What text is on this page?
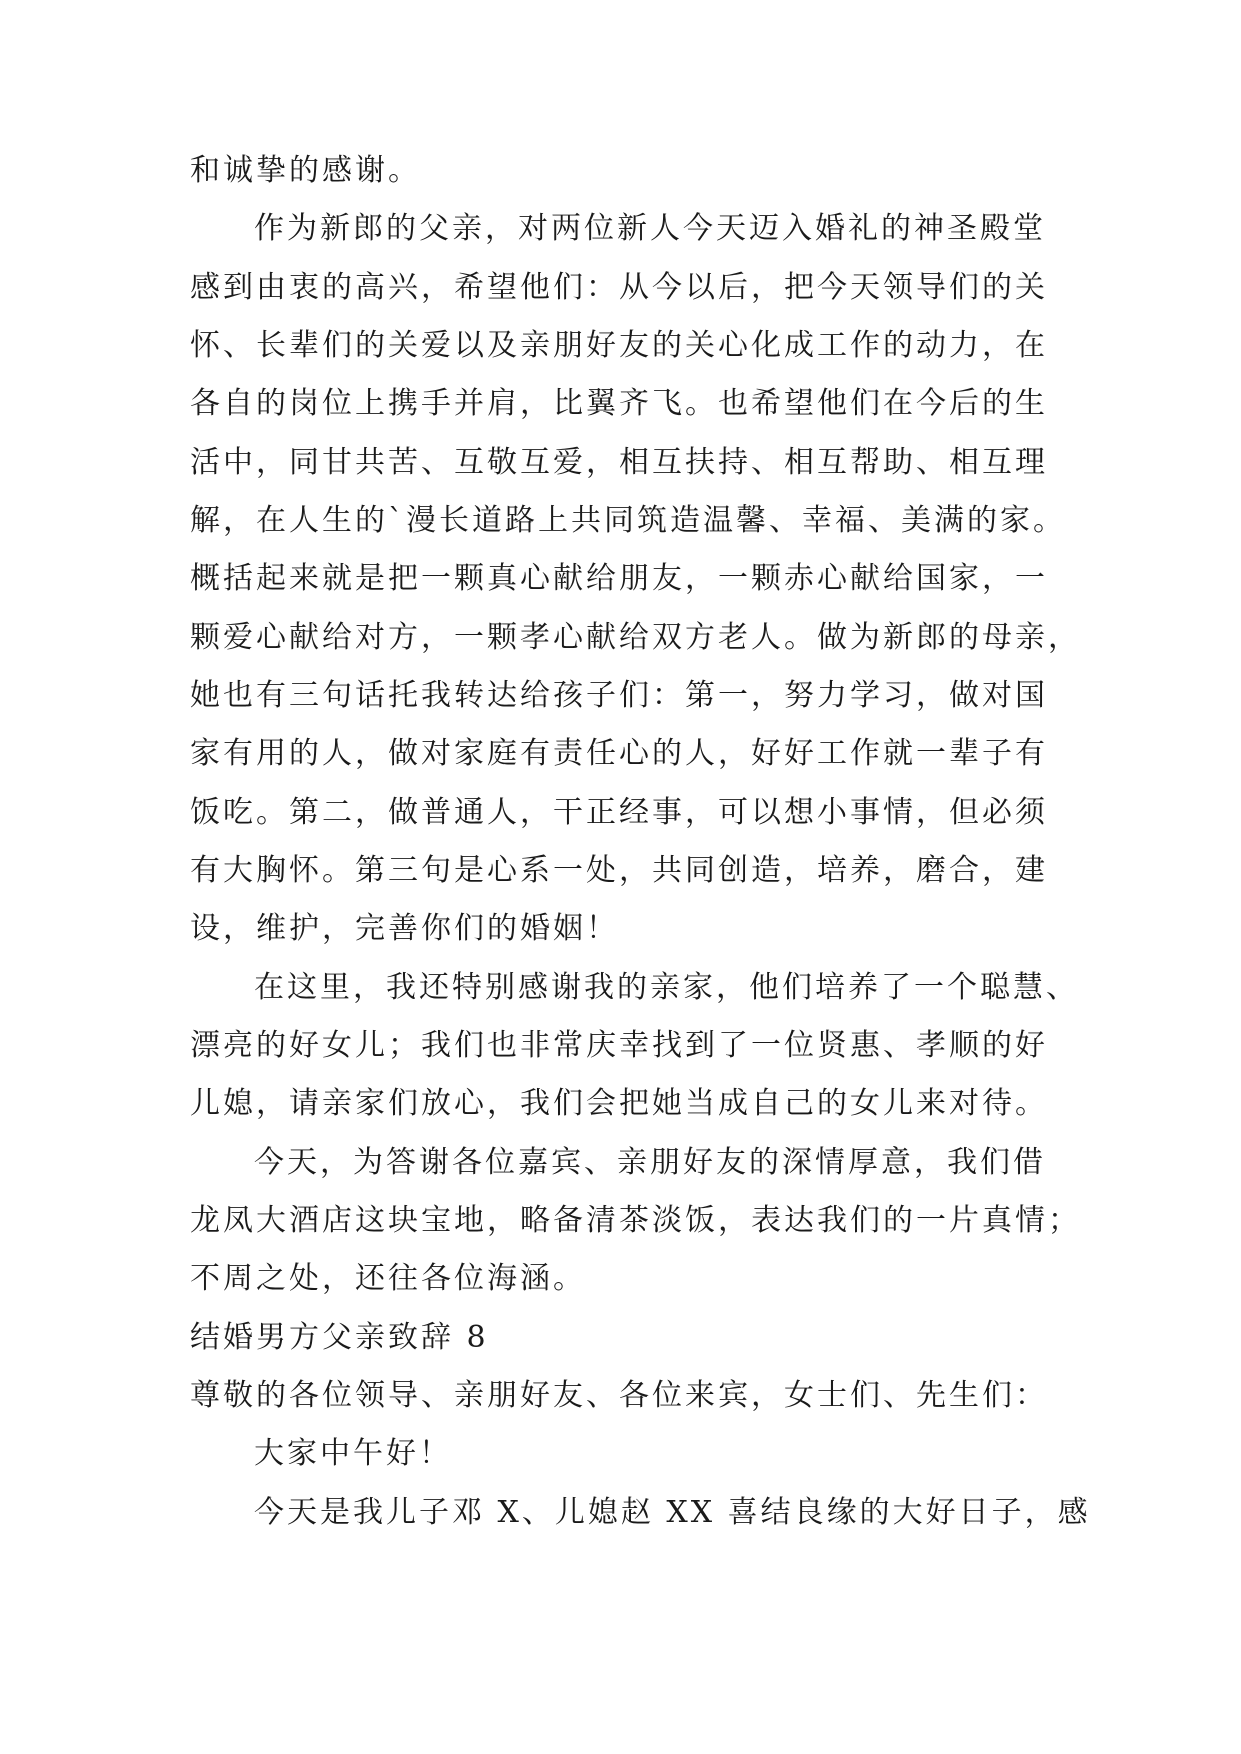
和诚挚的感谢。
作为新郎的父亲，对两位新人今天迈入婚礼的神圣殿堂
感到由衷的高兴，希望他们：从今以后，把今天领导们的关
怀、长辈们的关爱以及亲朋好友的关心化成工作的动力，在
各自的岗位上携手并肩，比翼齐飞。也希望他们在今后的生
活中，同甘共苦、互敬互爱，相互扶持、相互帮助、相互理
解，在人生的`漫长道路上共同筑造温馨、幸福、美满的家。
概括起来就是把一颗真心献给朋友，一颗赤心献给国家，一
颗爱心献给对方，一颗孝心献给双方老人。做为新郎的母亲，
她也有三句话托我转达给孩子们：第一，努力学习，做对国
家有用的人，做对家庭有责任心的人，好好工作就一辈子有
饭吃。第二，做普通人，干正经事，可以想小事情，但必须
有大胸怀。第三句是心系一处，共同创造，培养，磨合，建
设，维护，完善你们的婚姻！
在这里，我还特别感谢我的亲家，他们培养了一个聪慧、
漂亮的好女儿；我们也非常庆幸找到了一位贤惠、孝顺的好
儿媳，请亲家们放心，我们会把她当成自己的女儿来对待。
今天，为答谢各位嘉宾、亲朋好友的深情厚意，我们借
龙凤大酒店这块宝地，略备清茶淡饭，表达我们的一片真情；
不周之处，还往各位海涵。
结婚男方父亲致辞 8
尊敬的各位领导、亲朋好友、各位来宾，女士们、先生们：
大家中午好！
今天是我儿子邓 X、儿媳赵 XX 喜结良缘的大好日子，感
